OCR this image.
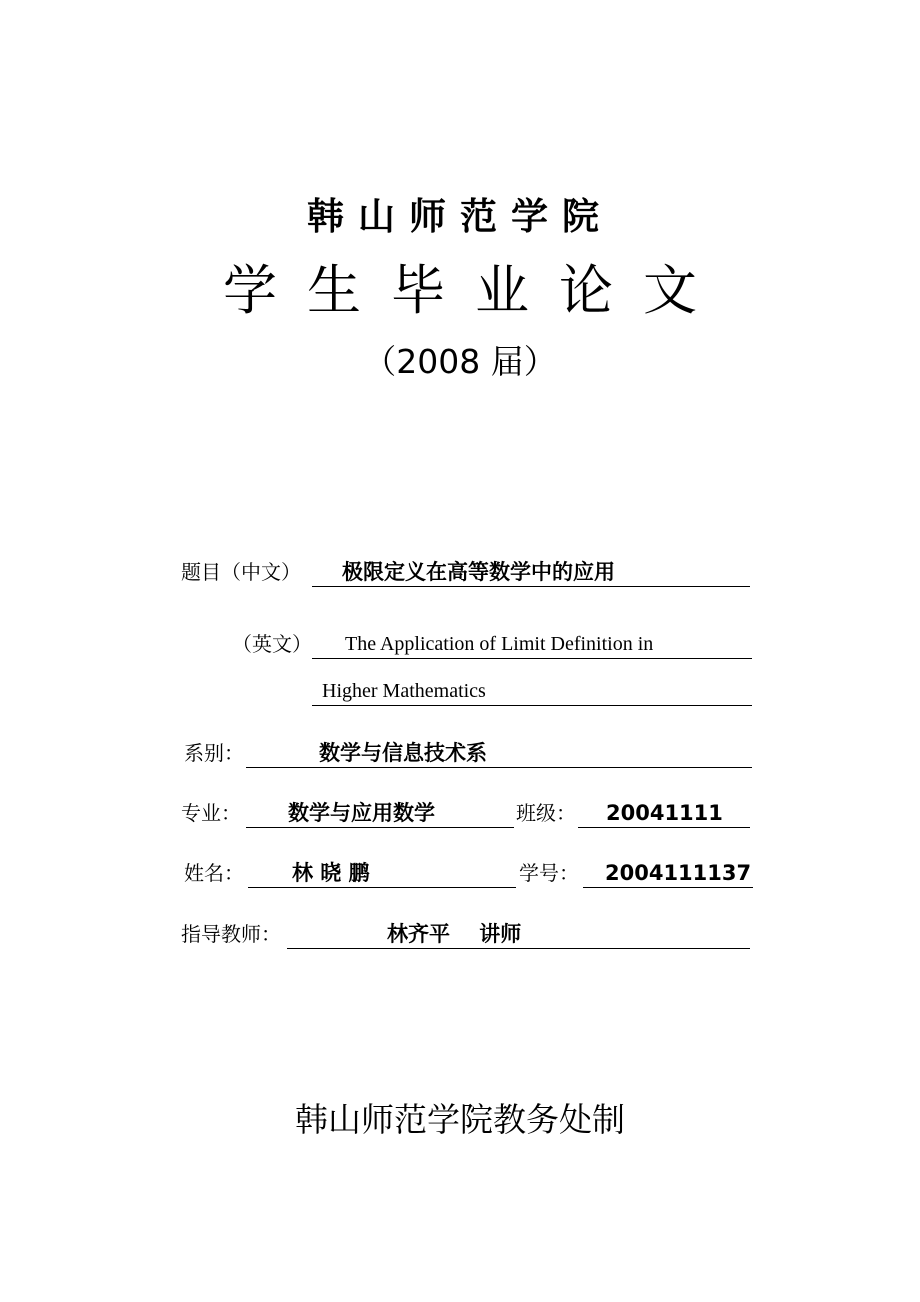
韩山师范学院
学生毕业论文
（2008 届）
题目（中文） 极限定义在高等数学中的应用
（英文） The Application of Limit Definition in
Higher Mathematics
系别：	数学与信息技术系
专业： 数学与应用数学	班级： 20041111
姓名： 林 晓 鹏	学号： 2004111137
指导教师：	林齐平    讲师
韩山师范学院教务处制
